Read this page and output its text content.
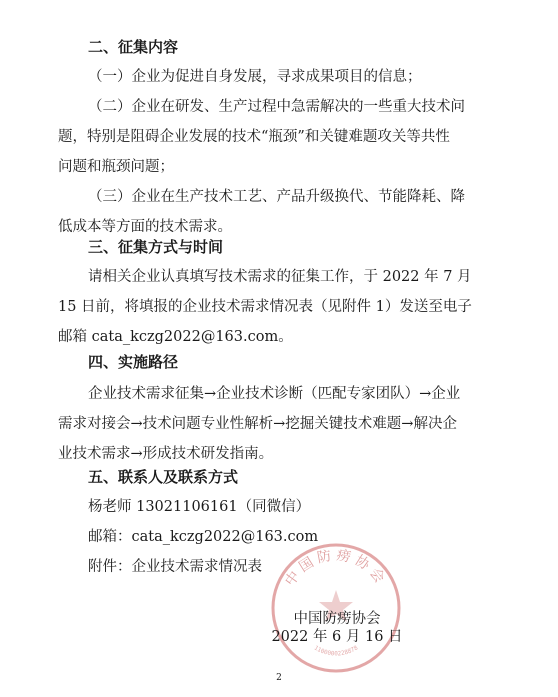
二、征集内容
（一）企业为促进自身发展，寻求成果项目的信息；
（二）企业在研发、生产过程中急需解决的一些重大技术问
题，特别是阻碍企业发展的技术“瓶颈”和关键难题攻关等共性
问题和瓶颈问题；
（三）企业在生产技术工艺、产品升级换代、节能降耗、降
低成本等方面的技术需求。
三、征集方式与时间
请相关企业认真填写技术需求的征集工作，于 2022 年 7 月
15 日前，将填报的企业技术需求情况表（见附件 1）发送至电子
邮箱 cata_kczg2022@163.com。
四、实施路径
企业技术需求征集→企业技术诊断（匹配专家团队）→企业
需求对接会→技术问题专业性解析→挖掘关键技术难题→解决企
业技术需求→形成技术研发指南。
五、联系人及联系方式
杨老师 13021106161（同微信）
邮箱：cata_kczg2022@163.com
附件：企业技术需求情况表	中国防痨协会
1100000228878
中国防痨协会
2022 年 6 月 16 日
2
